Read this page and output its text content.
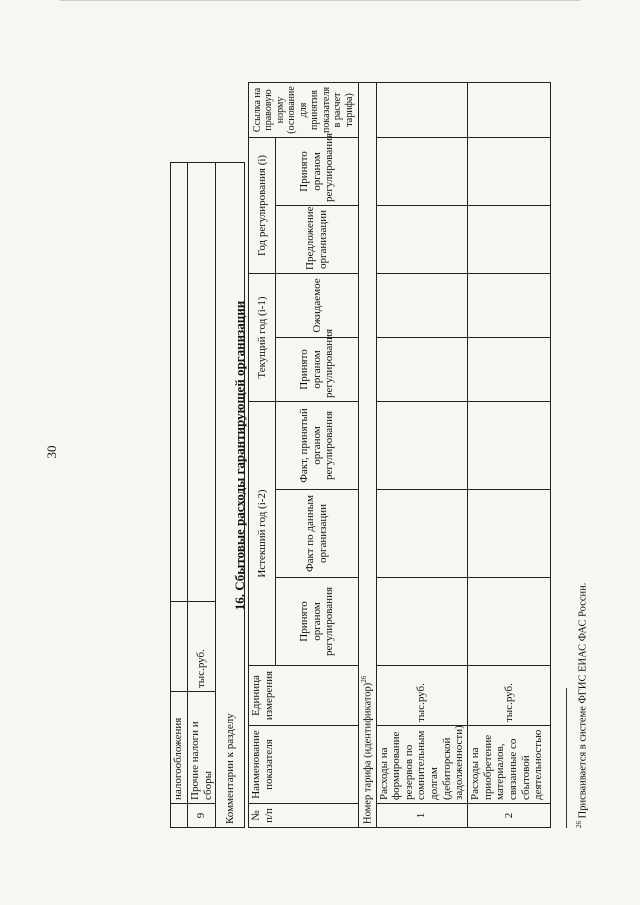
30
	налогообложения		
9	Прочие налоги и сборы	тыс.руб.	
Комментарии к разделу			
16. Сбытовые расходы гарантирующей организации
№ п/п	Наименование показателя	Единица измерения	Истекший год (i-2)			Текущий год (i-1)		Год регулирования (i)		Ссылка на правовую норму (основание для принятия показателя в расчет тарифа)
			Принято органом регулирования	Факт по данным организации	Факт, принятый органом регулирования	Принято органом регулирования	Ожидаемое	Предложение организации	Принято органом регулирования	
Номер тарифа (идентификатор)$^{26}$
1	Расходы на формирование резервов по сомнительным долгам (дебиторской задолженности)	тыс.руб.								
2	Расходы на приобретение материалов, связанные со сбытовой деятельностью	тыс.руб.								
$^{26}$ Присваивается в системе ФГИС ЕИАС ФАС России.
